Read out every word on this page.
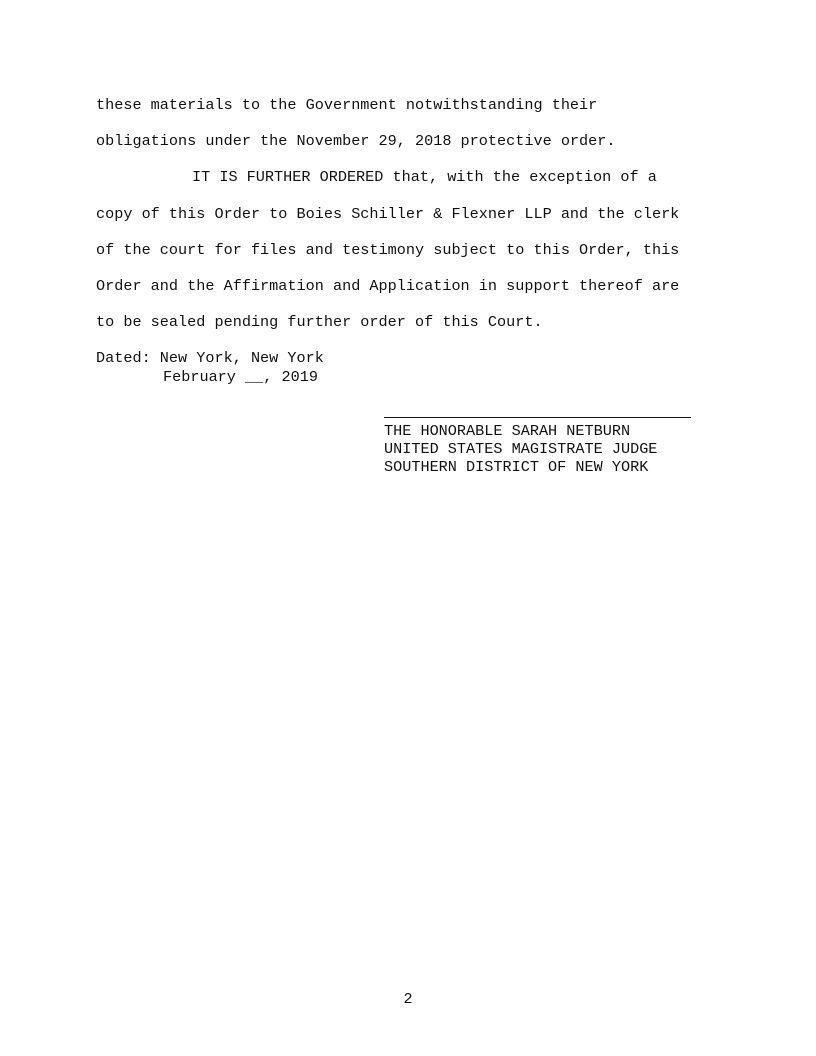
these materials to the Government notwithstanding their
obligations under the November 29, 2018 protective order.
IT IS FURTHER ORDERED that, with the exception of a
copy of this Order to Boies Schiller & Flexner LLP and the clerk
of the court for files and testimony subject to this Order, this
Order and the Affirmation and Application in support thereof are
to be sealed pending further order of this Court.
Dated: New York, New York
February __, 2019
THE HONORABLE SARAH NETBURN
UNITED STATES MAGISTRATE JUDGE
SOUTHERN DISTRICT OF NEW YORK
2
